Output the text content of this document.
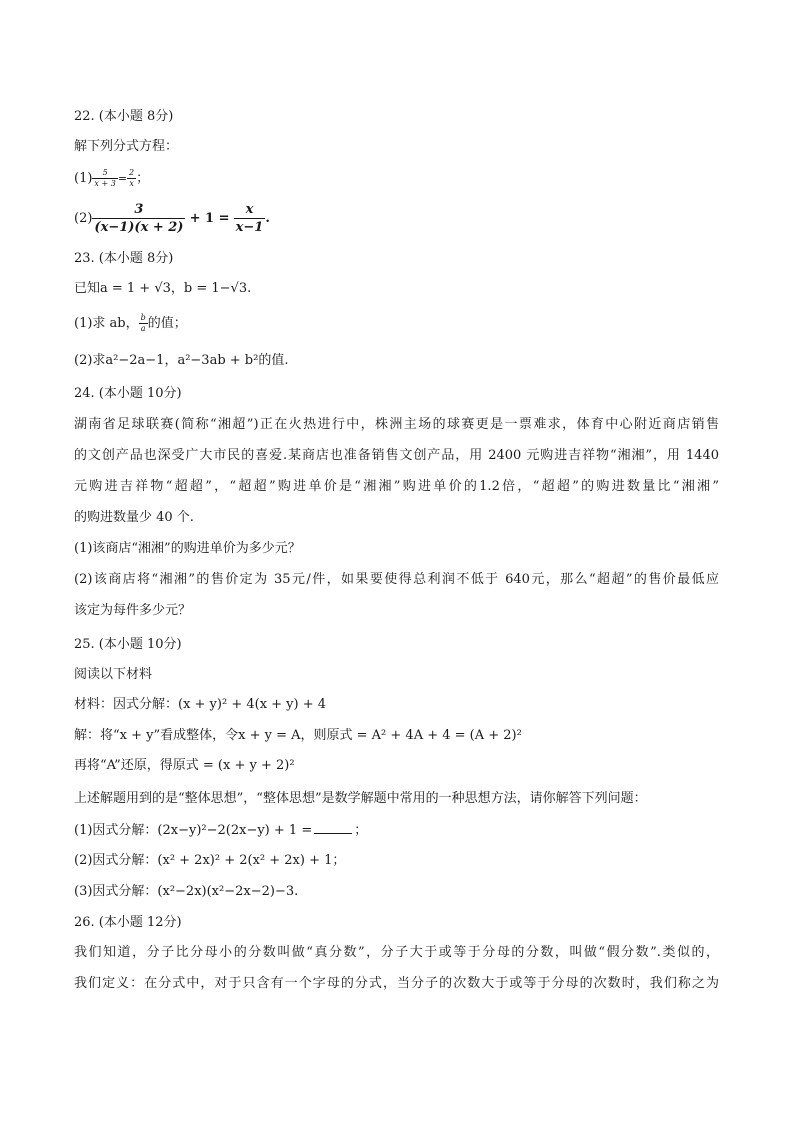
22. (本小题 8分)
解下列分式方程：
$(1) \frac{5}{x + 3} = \frac{2}{x}$ ；
$(2) \frac{3}{(x-1)(x + 2)} + 1 = \frac{x}{x-1}$ .
23. (本小题 8分)
已知a = 1 + √3，b = 1−√3.
(1)求 ab， $\frac{b}{a}$ 的值；
(2)求a²−2a−1，a²−3ab + b²的值.
24. (本小题 10分)
湖南省足球联赛(简称“湘超”)正在火热进行中，株洲主场的球赛更是一票难求，体育中心附近商店销售
的文创产品也深受广大市民的喜爱.某商店也准备销售文创产品，用 2400 元购进吉祥物“湘湘”，用 1440
元购进吉祥物“超超”，“超超”购进单价是“湘湘”购进单价的1.2倍，“超超”的购进数量比“湘湘”
的购进数量少 40 个.
(1)该商店“湘湘”的购进单价为多少元？
(2)该商店将“湘湘”的售价定为 35元/件，如果要使得总利润不低于 640元，那么“超超”的售价最低应
该定为每件多少元？
25. (本小题 10分)
阅读以下材料
材料：因式分解：(x + y)² + 4(x + y) + 4
解：将“x + y”看成整体，令x + y = A，则原式 = A² + 4A + 4 = (A + 2)²
再将“A”还原，得原式 = (x + y + 2)²
上述解题用到的是“整体思想”，“整体思想”是数学解题中常用的一种思想方法，请你解答下列问题：
(1)因式分解：(2x−y)²−2(2x−y) + 1 =	；
(2)因式分解：(x² + 2x)² + 2(x² + 2x) + 1；
(3)因式分解：(x²−2x)(x²−2x−2)−3.
26. (本小题 12分)
我们知道，分子比分母小的分数叫做“真分数”，分子大于或等于分母的分数，叫做“假分数”.类似的，
我们定义：在分式中，对于只含有一个字母的分式，当分子的次数大于或等于分母的次数时，我们称之为
